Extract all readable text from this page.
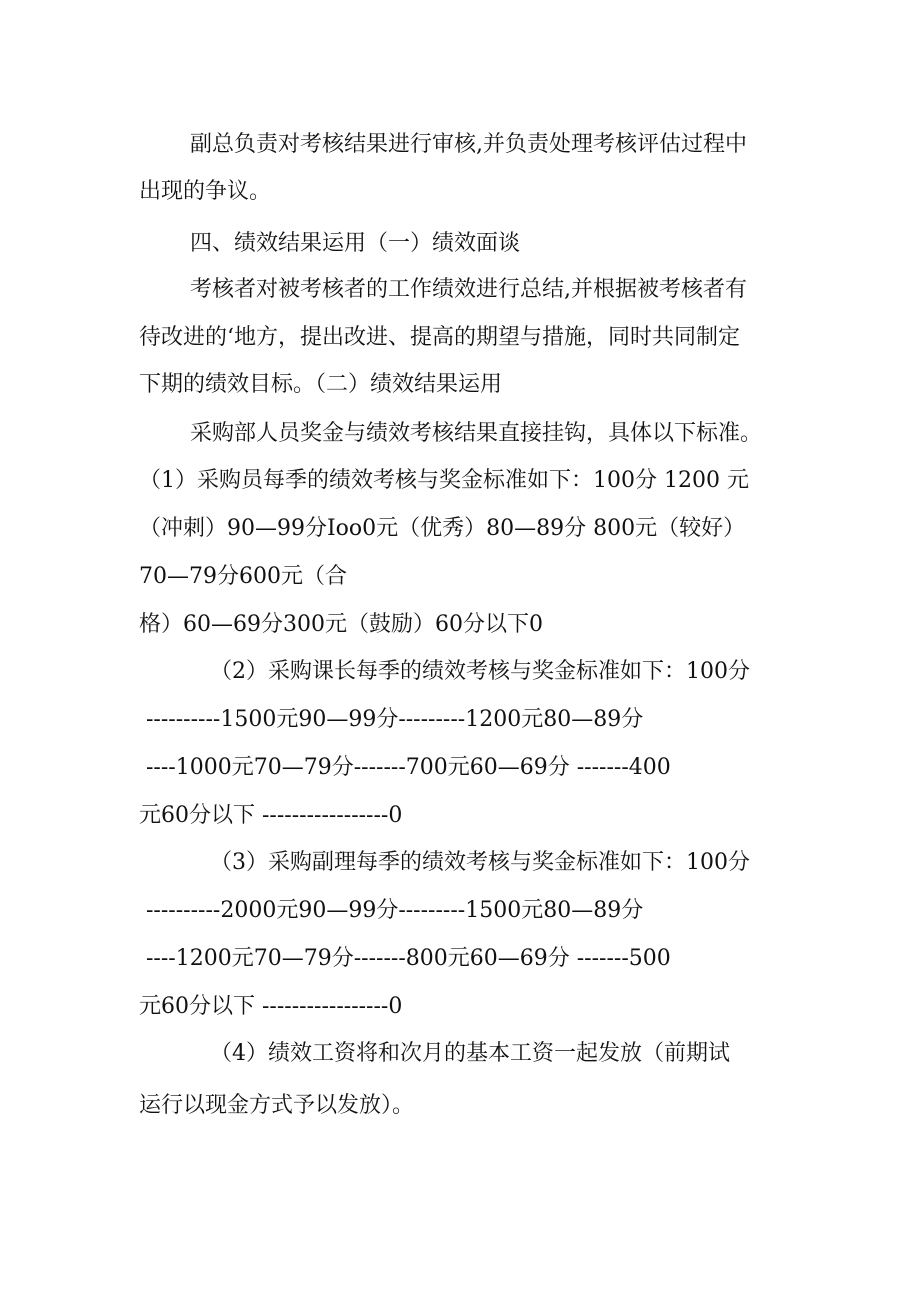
副总负责对考核结果进行审核,并负责处理考核评估过程中
出现的争议。
四、绩效结果运用（一）绩效面谈
考核者对被考核者的工作绩效进行总结,并根据被考核者有
待改进的‘地方，提出改进、提高的期望与措施，同时共同制定
下期的绩效目标。（二）绩效结果运用
采购部人员奖金与绩效考核结果直接挂钩，具体以下标准。
（1）采购员每季的绩效考核与奖金标准如下：100分 1200 元
（冲刺）90—99分Ioo0元（优秀）80—89分 800元（较好）
70—79分600元（合
格）60—69分300元（鼓励）60分以下0
（2）采购课长每季的绩效考核与奖金标准如下：100分
----------1500元90—99分---------1200元80—89分
----1000元70—79分-------700元60—69分 -------400
元60分以下 -----------------0
（3）采购副理每季的绩效考核与奖金标准如下：100分
----------2000元90—99分---------1500元80—89分
----1200元70—79分-------800元60—69分 -------500
元60分以下 -----------------0
（4）绩效工资将和次月的基本工资一起发放（前期试
运行以现金方式予以发放）。
